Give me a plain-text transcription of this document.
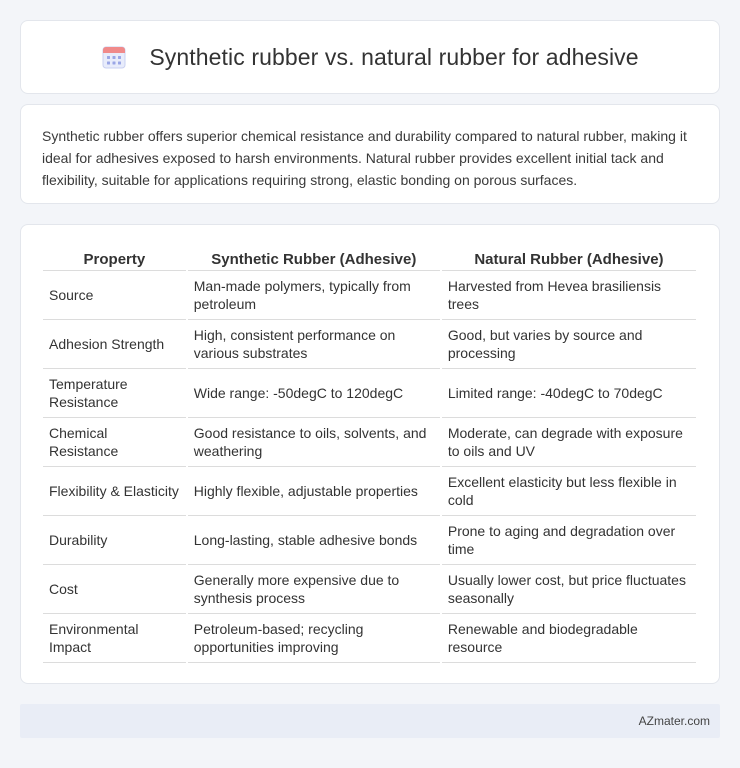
Synthetic rubber vs. natural rubber for adhesive

Synthetic rubber offers superior chemical resistance and durability compared to natural rubber, making it ideal for adhesives exposed to harsh environments. Natural rubber provides excellent initial tack and flexibility, suitable for applications requiring strong, elastic bonding on porous surfaces.

Property	Synthetic Rubber (Adhesive)	Natural Rubber (Adhesive)
Source	Man-made polymers, typically from petroleum	Harvested from Hevea brasiliensis trees
Adhesion Strength	High, consistent performance on various substrates	Good, but varies by source and processing
Temperature Resistance	Wide range: -50degC to 120degC	Limited range: -40degC to 70degC
Chemical Resistance	Good resistance to oils, solvents, and weathering	Moderate, can degrade with exposure to oils and UV
Flexibility & Elasticity	Highly flexible, adjustable properties	Excellent elasticity but less flexible in cold
Durability	Long-lasting, stable adhesive bonds	Prone to aging and degradation over time
Cost	Generally more expensive due to synthesis process	Usually lower cost, but price fluctuates seasonally
Environmental Impact	Petroleum-based; recycling opportunities improving	Renewable and biodegradable resource
AZmater.com
